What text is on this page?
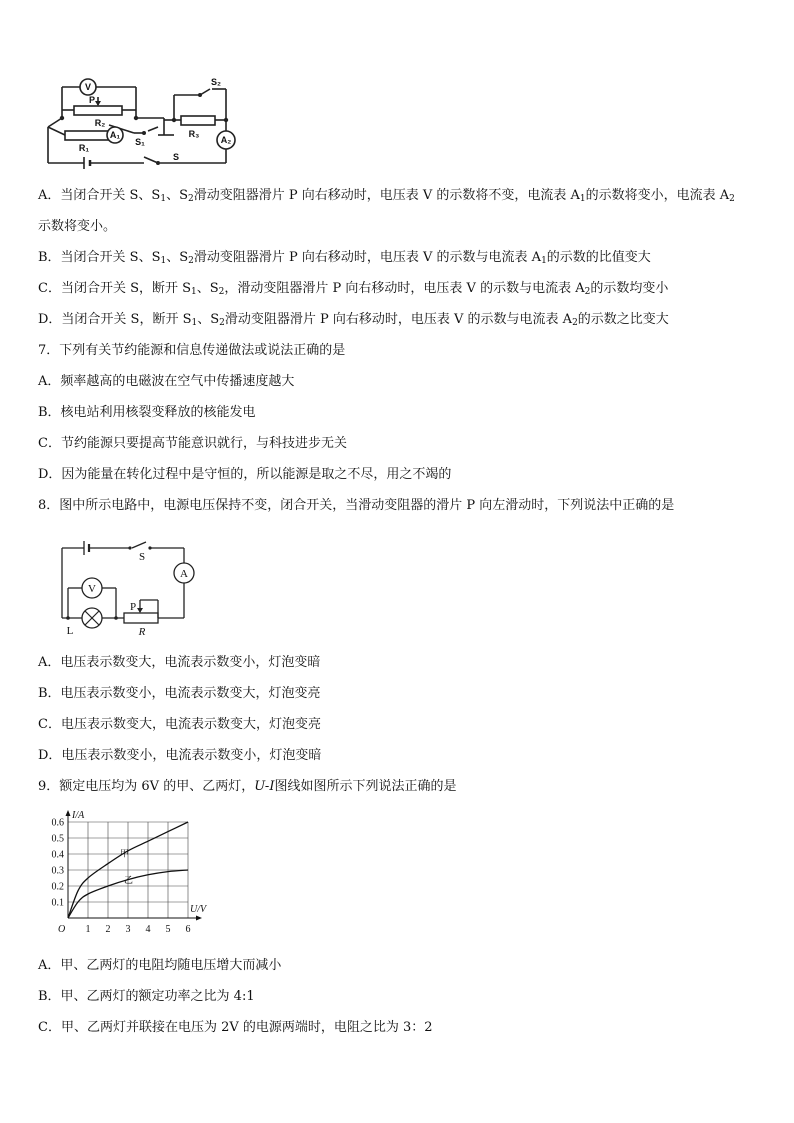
V
P
R₂
R₁
A₁
S₁
S₂
R₃
A₂
S
A．当闭合开关 S、$S_1$、$S_2$滑动变阻器滑片 P 向右移动时，电压表 V 的示数将不变，电流表 $A_1$的示数将变小，电流表 $A_2$
示数将变小。
B．当闭合开关 S、$S_1$、$S_2$滑动变阻器滑片 P 向右移动时，电压表 V 的示数与电流表 $A_1$的示数的比值变大
C．当闭合开关 S，断开 $S_1$、$S_2$，滑动变阻器滑片 P 向右移动时，电压表 V 的示数与电流表 $A_2$的示数均变小
D．当闭合开关 S，断开 $S_1$、$S_2$滑动变阻器滑片 P 向右移动时，电压表 V 的示数与电流表 $A_2$的示数之比变大
7．下列有关节约能源和信息传递做法或说法正确的是
A．频率越高的电磁波在空气中传播速度越大
B．核电站利用核裂变释放的核能发电
C．节约能源只要提高节能意识就行，与科技进步无关
D．因为能量在转化过程中是守恒的，所以能源是取之不尽，用之不竭的
8．图中所示电路中，电源电压保持不变，闭合开关，当滑动变阻器的滑片 P 向左滑动时，下列说法中正确的是
S
A
V
P
L	R
A．电压表示数变大，电流表示数变小，灯泡变暗
B．电压表示数变小，电流表示数变大，灯泡变亮
C．电压表示数变大，电流表示数变大，灯泡变亮
D．电压表示数变小，电流表示数变小，灯泡变暗
9．额定电压均为 6V 的甲、乙两灯，U-I图线如图所示下列说法正确的是
1 2 3 4 5 6
0.1
0.2
0.3
0.4
0.5
0.6
O
I/A
U/V
甲
乙
A．甲、乙两灯的电阻均随电压增大而减小
B．甲、乙两灯的额定功率之比为 4:1
C．甲、乙两灯并联接在电压为 2V 的电源两端时，电阻之比为 3：2
